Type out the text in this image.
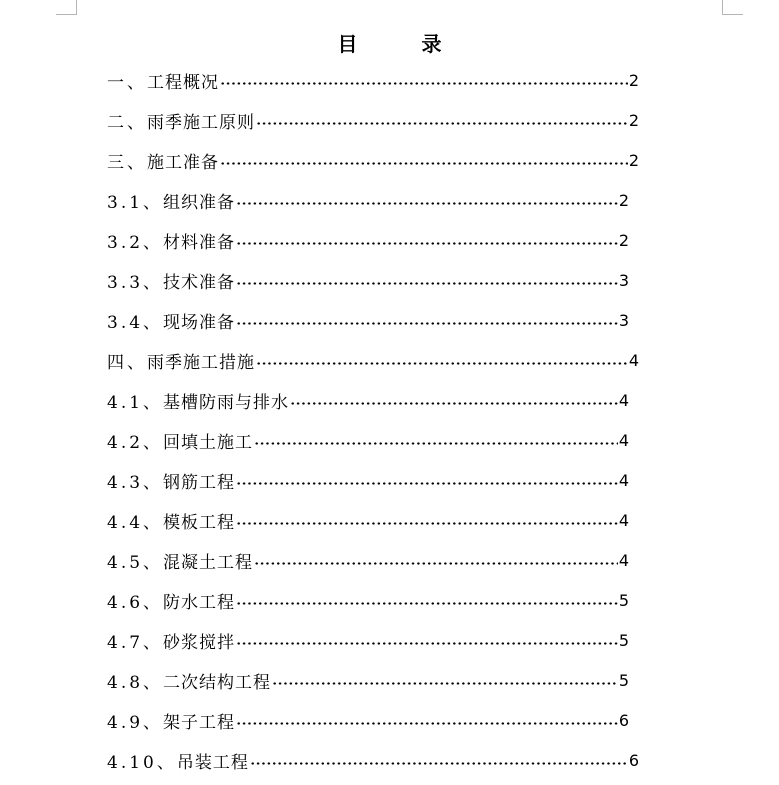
目	录
一、 工程概况	2
二、 雨季施工原则	2
三、 施工准备	2
3.1、 组织准备	2
3.2、 材料准备	2
3.3、 技术准备	3
3.4、 现场准备	3
四、 雨季施工措施	4
4.1、 基槽防雨与排水	4
4.2、 回填土施工	4
4.3、 钢筋工程	4
4.4、 模板工程	4
4.5、 混凝土工程	4
4.6、 防水工程	5
4.7、 砂浆搅拌	5
4.8、 二次结构工程	5
4.9、 架子工程	6
4.10、 吊装工程	6
